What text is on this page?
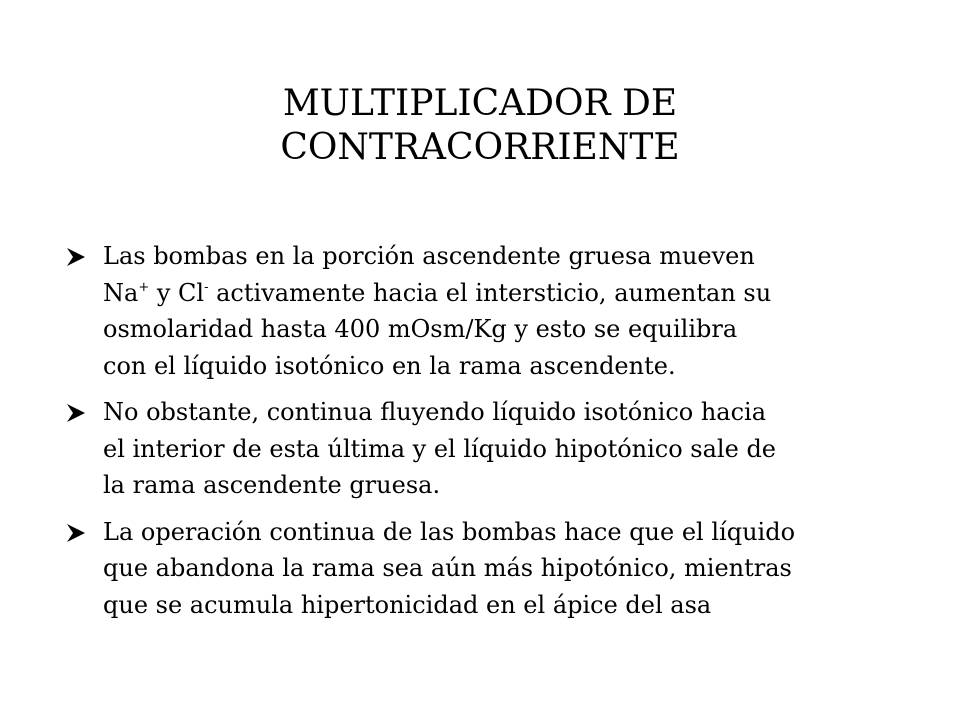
MULTIPLICADOR DE
CONTRACORRIENTE
Las bombas en la porción ascendente gruesa mueven
Na+ y Cl- activamente hacia el intersticio, aumentan su
osmolaridad hasta 400 mOsm/Kg y esto se equilibra
con el líquido isotónico en la rama ascendente.
No obstante, continua fluyendo líquido isotónico hacia
el interior de esta última y el líquido hipotónico sale de
la rama ascendente gruesa.
La operación continua de las bombas hace que el líquido
que abandona la rama sea aún más hipotónico, mientras
que se acumula hipertonicidad en el ápice del asa
